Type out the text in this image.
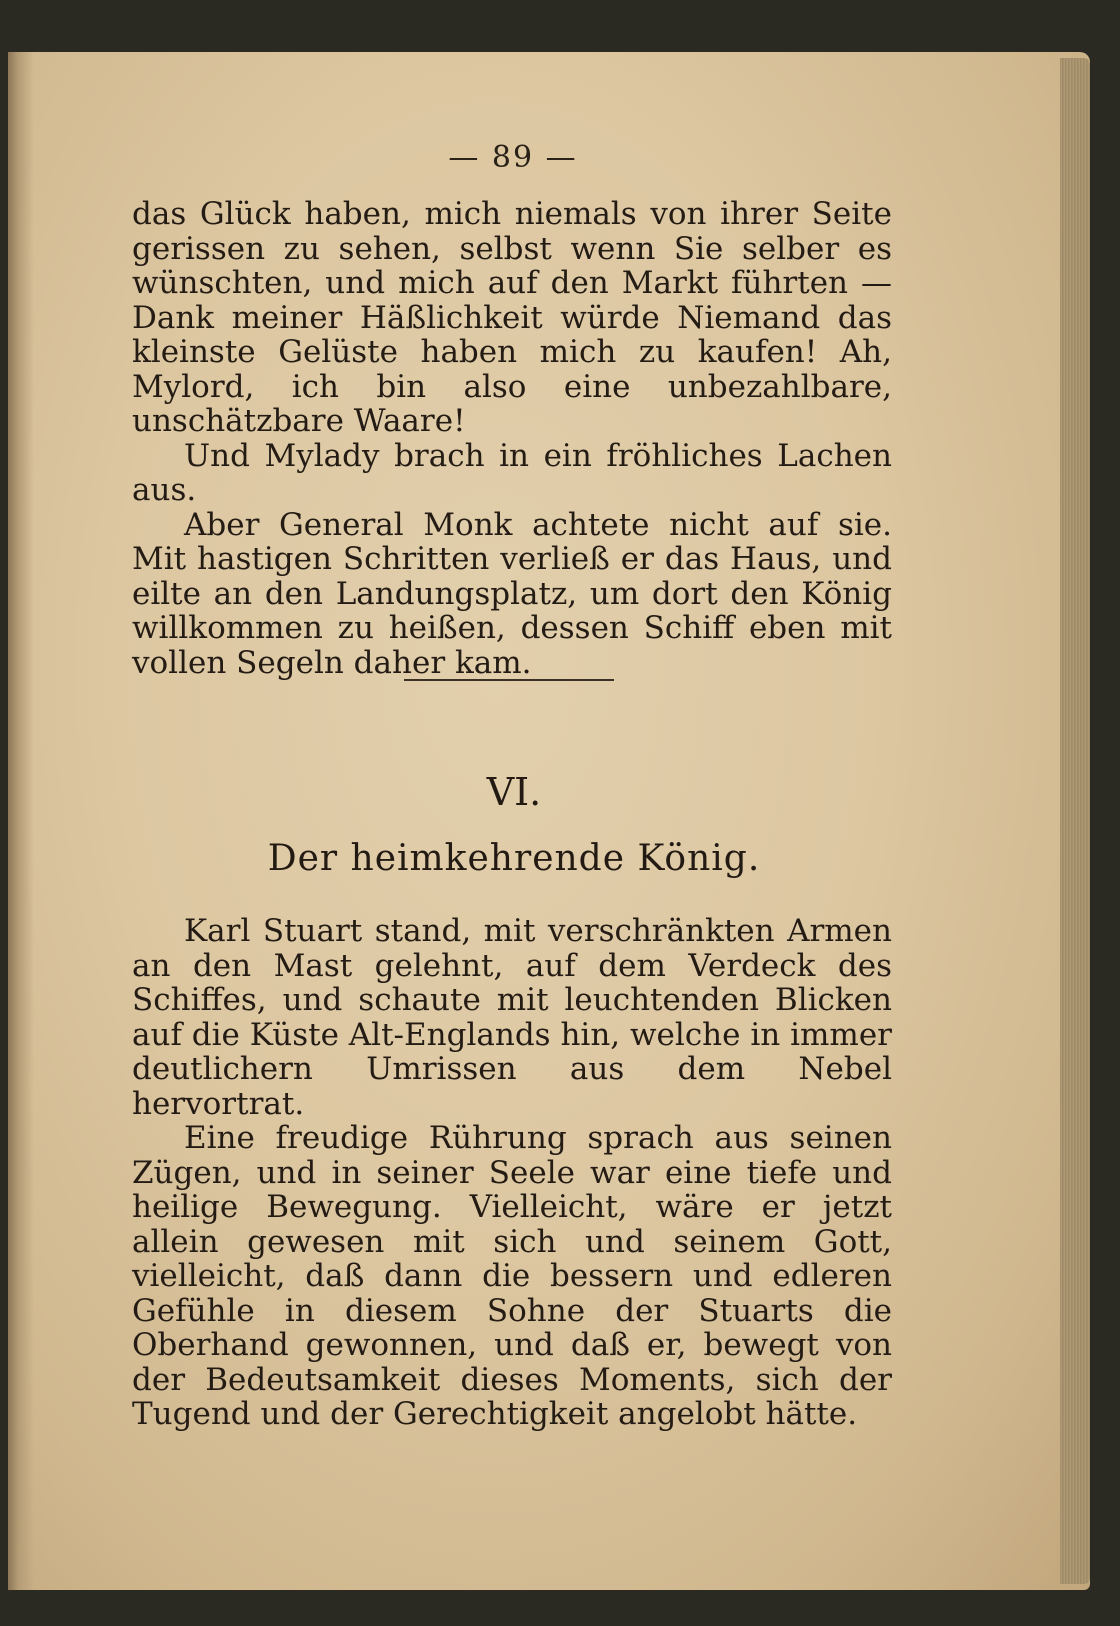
— 89 —

das Glück haben, mich niemals von ihrer Seite gerissen zu sehen, selbst wenn Sie selber es wünschten, und mich auf den Markt führten — Dank meiner Häßlichkeit würde Niemand das kleinste Gelüste haben mich zu kaufen! Ah, Mylord, ich bin also eine unbezahlbare, unschätzbare Waare!

Und Mylady brach in ein fröhliches Lachen aus.

Aber General Monk achtete nicht auf sie. Mit hastigen Schritten verließ er das Haus, und eilte an den Landungsplatz, um dort den König willkommen zu heißen, dessen Schiff eben mit vollen Segeln daher kam.

VI.
Der heimkehrende König.

Karl Stuart stand, mit verschränkten Armen an den Mast gelehnt, auf dem Verdeck des Schiffes, und schaute mit leuchtenden Blicken auf die Küste Alt-Englands hin, welche in immer deutlichern Umrissen aus dem Nebel hervortrat.

Eine freudige Rührung sprach aus seinen Zügen, und in seiner Seele war eine tiefe und heilige Bewegung. Vielleicht, wäre er jetzt allein gewesen mit sich und seinem Gott, vielleicht, daß dann die bessern und edleren Gefühle in diesem Sohne der Stuarts die Oberhand gewonnen, und daß er, bewegt von der Bedeutsamkeit dieses Moments, sich der Tugend und der Gerechtigkeit angelobt hätte.
